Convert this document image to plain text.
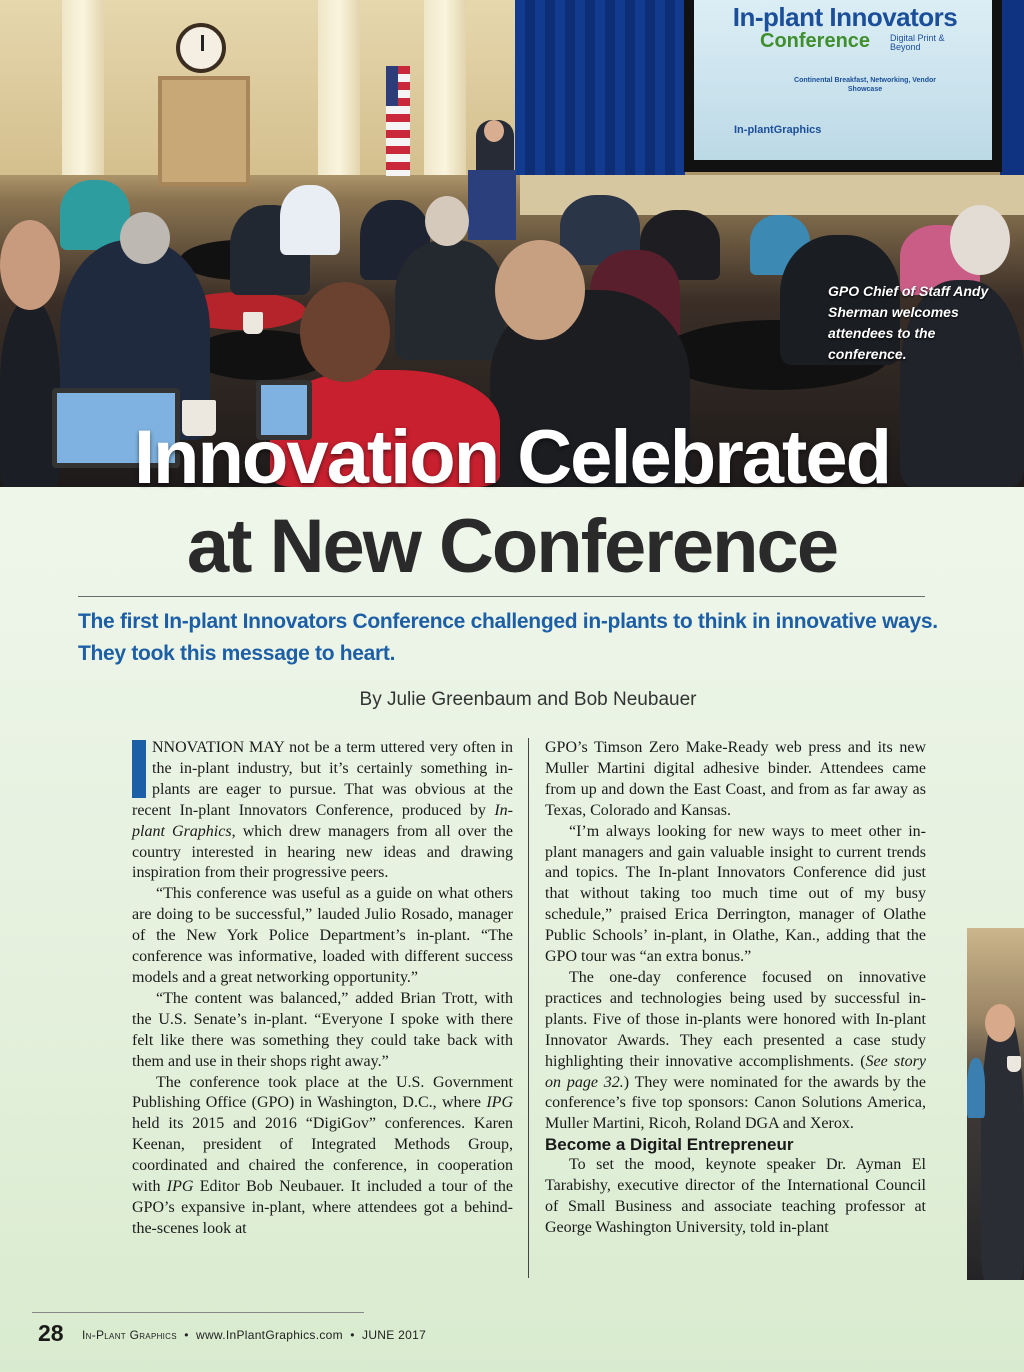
In-plant Innovators
Conference Digital Print & Beyond
Continental Breakfast, Networking, Vendor Showcase
In-plantGraphics
GPO Chief of Staff Andy Sherman welcomes attendees to the conference.
Innovation Celebrated
at New Conference
The first In-plant Innovators Conference challenged in-plants to think in innovative ways. They took this message to heart.
By Julie Greenbaum and Bob Neubauer

I	NNOVATION MAY not be a term uttered very often in the in-plant industry, but it’s certainly something in-plants are eager to pursue. That was obvious at the recent In-plant Innovators Conference, produced by In-plant Graphics, which drew managers from all over the country interested in hearing new ideas and drawing inspiration from their progressive peers.

“This conference was useful as a guide on what others are doing to be successful,” lauded Julio Rosado, manager of the New York Police Department’s in-plant. “The conference was informative, loaded with different success models and a great networking opportunity.”

“The content was balanced,” added Brian Trott, with the U.S. Senate’s in-plant. “Everyone I spoke with there felt like there was something they could take back with them and use in their shops right away.”

The conference took place at the U.S. Government Publishing Office (GPO) in Washington, D.C., where IPG held its 2015 and 2016 “DigiGov” conferences. Karen Keenan, president of Integrated Methods Group, coordinated and chaired the conference, in cooperation with IPG Editor Bob Neubauer. It included a tour of the GPO’s expansive in-plant, where attendees got a behind-the-scenes look at

GPO’s Timson Zero Make-Ready web press and its new Muller Martini digital adhesive binder. Attendees came from up and down the East Coast, and from as far away as Texas, Colorado and Kansas.

“I’m always looking for new ways to meet other in-plant managers and gain valuable insight to current trends and topics. The In-plant Innovators Conference did just that without taking too much time out of my busy schedule,” praised Erica Derrington, manager of Olathe Public Schools’ in-plant, in Olathe, Kan., adding that the GPO tour was “an extra bonus.”

The one-day conference focused on innovative practices and technologies being used by successful in-plants. Five of those in-plants were honored with In-plant Innovator Awards. They each presented a case study highlighting their innovative accomplishments. (See story on page 32.) They were nominated for the awards by the conference’s five top sponsors: Canon Solutions America, Muller Martini, Ricoh, Roland DGA and Xerox.

Become a Digital Entrepreneur

To set the mood, keynote speaker Dr. Ayman El Tarabishy, executive director of the International Council of Small Business and associate teaching professor at George Washington University, told in-plant

28 In-Plant Graphics • www.InPlantGraphics.com • JUNE 2017
